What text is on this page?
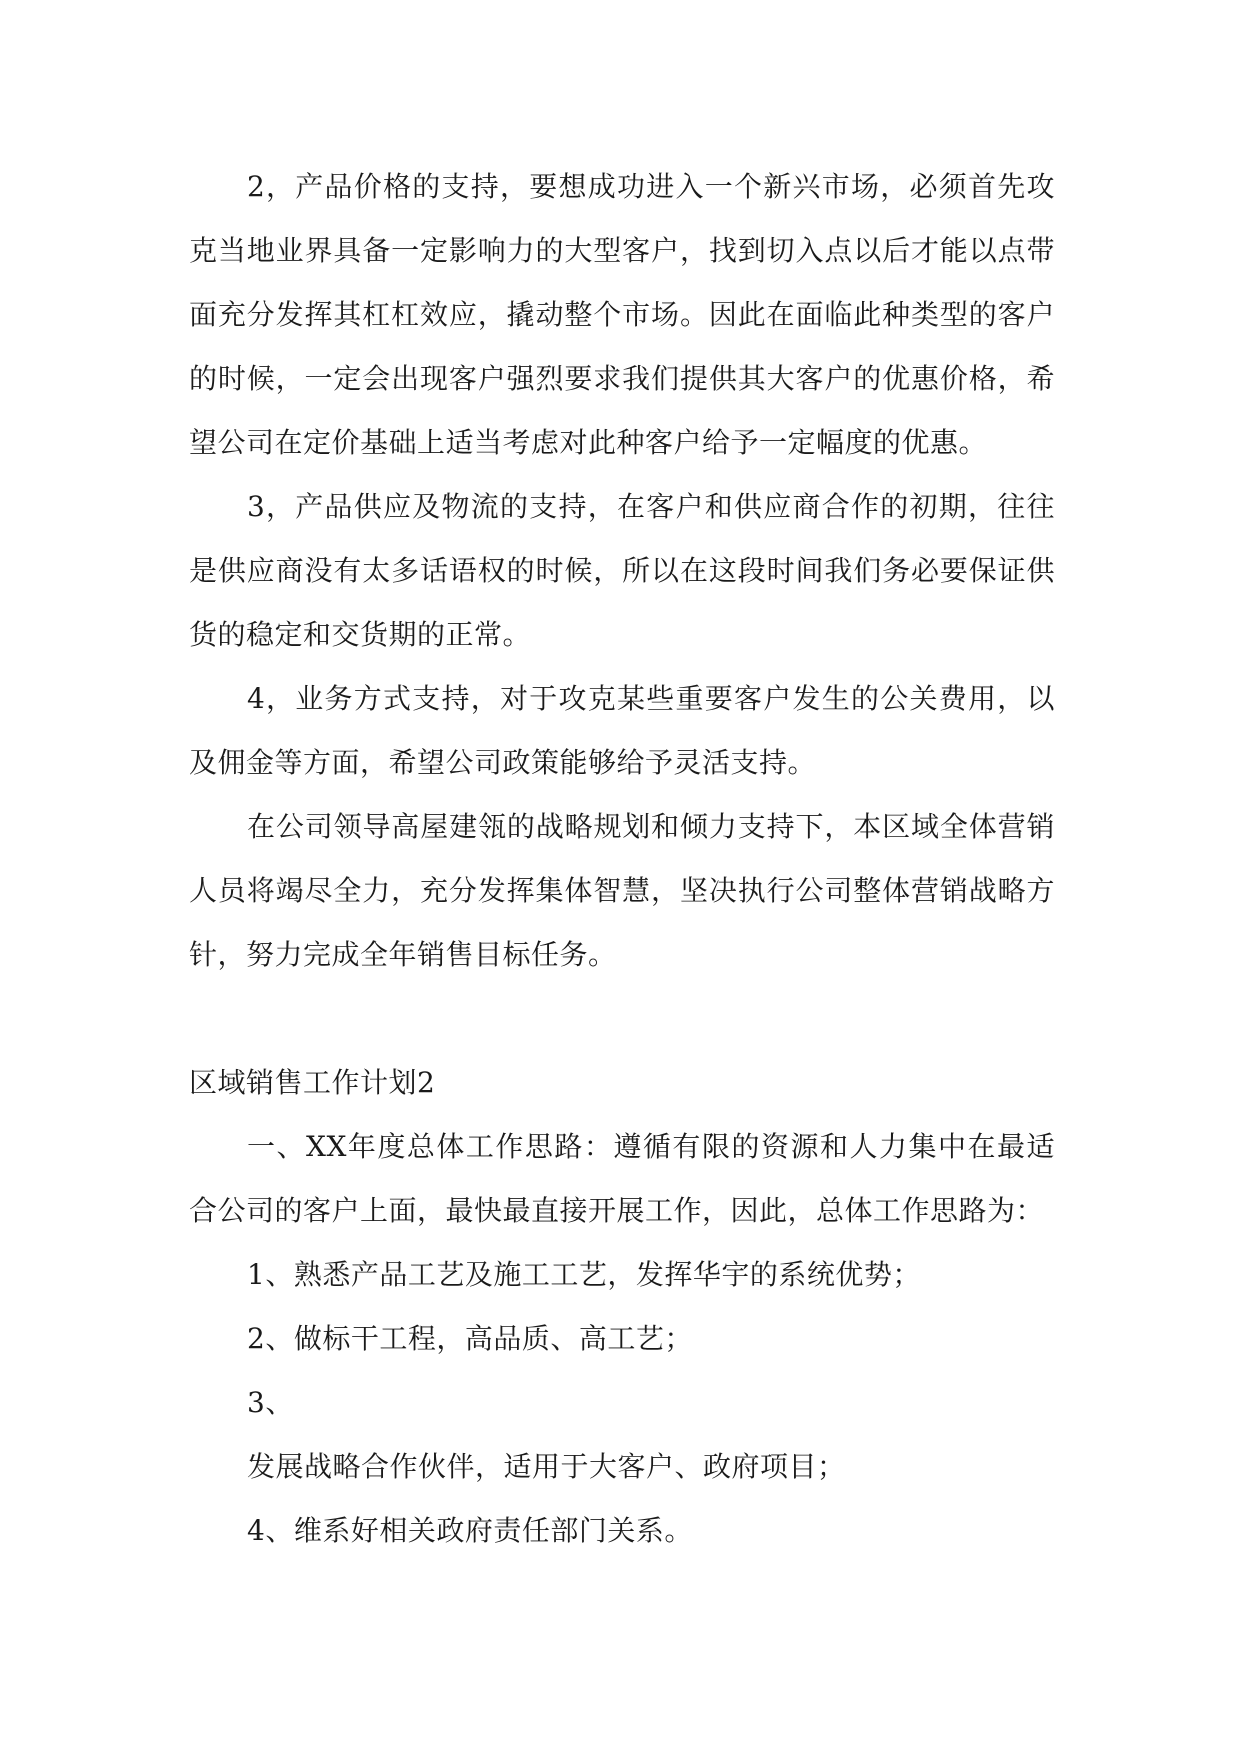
2，产品价格的支持，要想成功进入一个新兴市场，必须首先攻克当地业界具备一定影响力的大型客户，找到切入点以后才能以点带面充分发挥其杠杠效应，撬动整个市场。因此在面临此种类型的客户的时候，一定会出现客户强烈要求我们提供其大客户的优惠价格，希望公司在定价基础上适当考虑对此种客户给予一定幅度的优惠。

3，产品供应及物流的支持，在客户和供应商合作的初期，往往是供应商没有太多话语权的时候，所以在这段时间我们务必要保证供货的稳定和交货期的正常。

4，业务方式支持，对于攻克某些重要客户发生的公关费用，以及佣金等方面，希望公司政策能够给予灵活支持。

在公司领导高屋建瓴的战略规划和倾力支持下，本区域全体营销人员将竭尽全力，充分发挥集体智慧，坚决执行公司整体营销战略方针，努力完成全年销售目标任务。

区域销售工作计划2

一、XX年度总体工作思路：遵循有限的资源和人力集中在最适合公司的客户上面，最快最直接开展工作，因此，总体工作思路为：

1、熟悉产品工艺及施工工艺，发挥华宇的系统优势；

2、做标干工程，高品质、高工艺；

3、

发展战略合作伙伴，适用于大客户、政府项目；

4、维系好相关政府责任部门关系。
